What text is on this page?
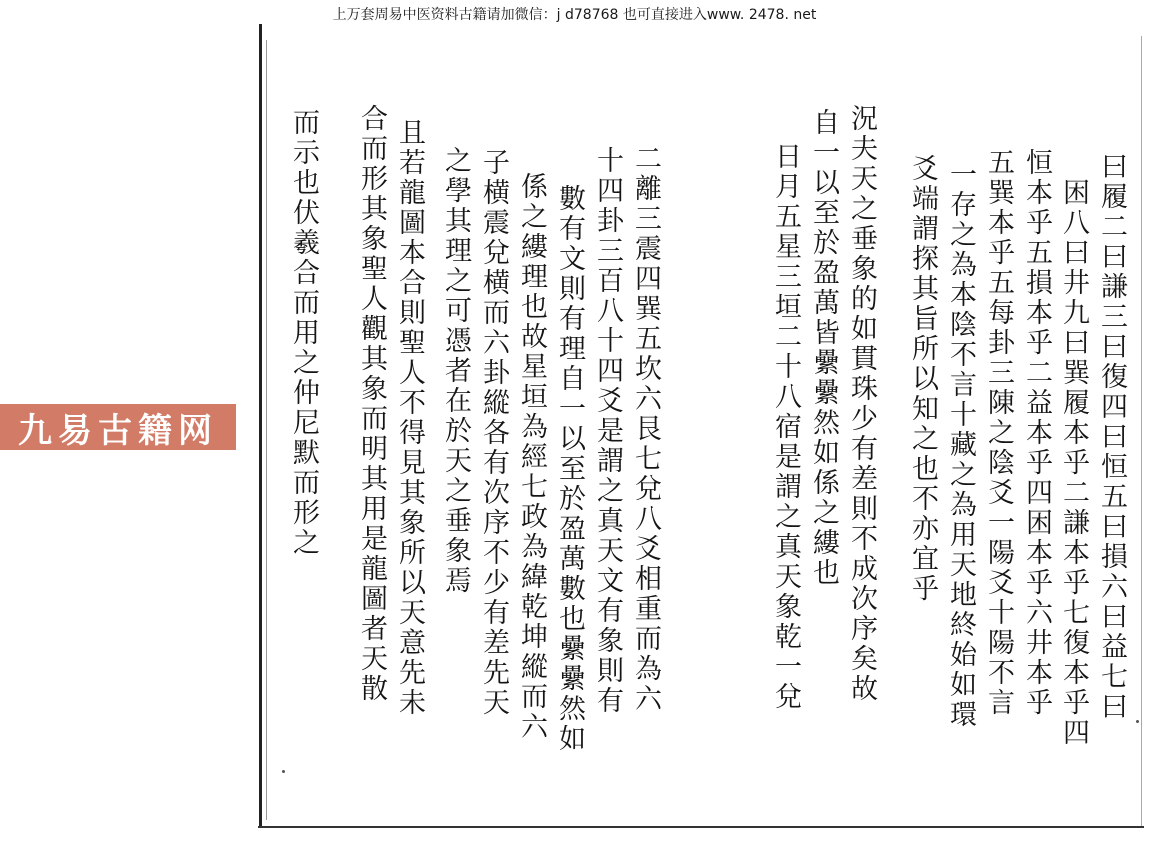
上万套周易中医资料古籍请加微信：j d78768 也可直接进入www. 2478. net
九易古籍网	曰履二曰謙三曰復四曰恒五曰損六曰益七曰
困八曰井九曰巽履本乎二謙本乎七復本乎四
恒本乎五損本乎二益本乎四困本乎六井本乎
五巽本乎五每卦三陳之陰爻一陽爻十陽不言
一存之為本陰不言十藏之為用天地終始如環
爻端謂探其旨所以知之也不亦宜乎
況夫天之垂象的如貫珠少有差則不成次序矣故
自一以至於盈萬皆纍纍然如係之縷也
日月五星三垣二十八宿是謂之真天象乾一兌
二離三震四巽五坎六艮七兌八爻相重而為六
十四卦三百八十四爻是謂之真天文有象則有
數有文則有理自一以至於盈萬數也纍纍然如
係之縷理也故星垣為經七政為緯乾坤縱而六
子横震兌横而六卦縱各有次序不少有差先天
之學其理之可憑者在於天之垂象焉
且若龍圖本合則聖人不得見其象所以天意先未
合而形其象聖人觀其象而明其用是龍圖者天散
而示也伏羲合而用之仲尼默而形之
